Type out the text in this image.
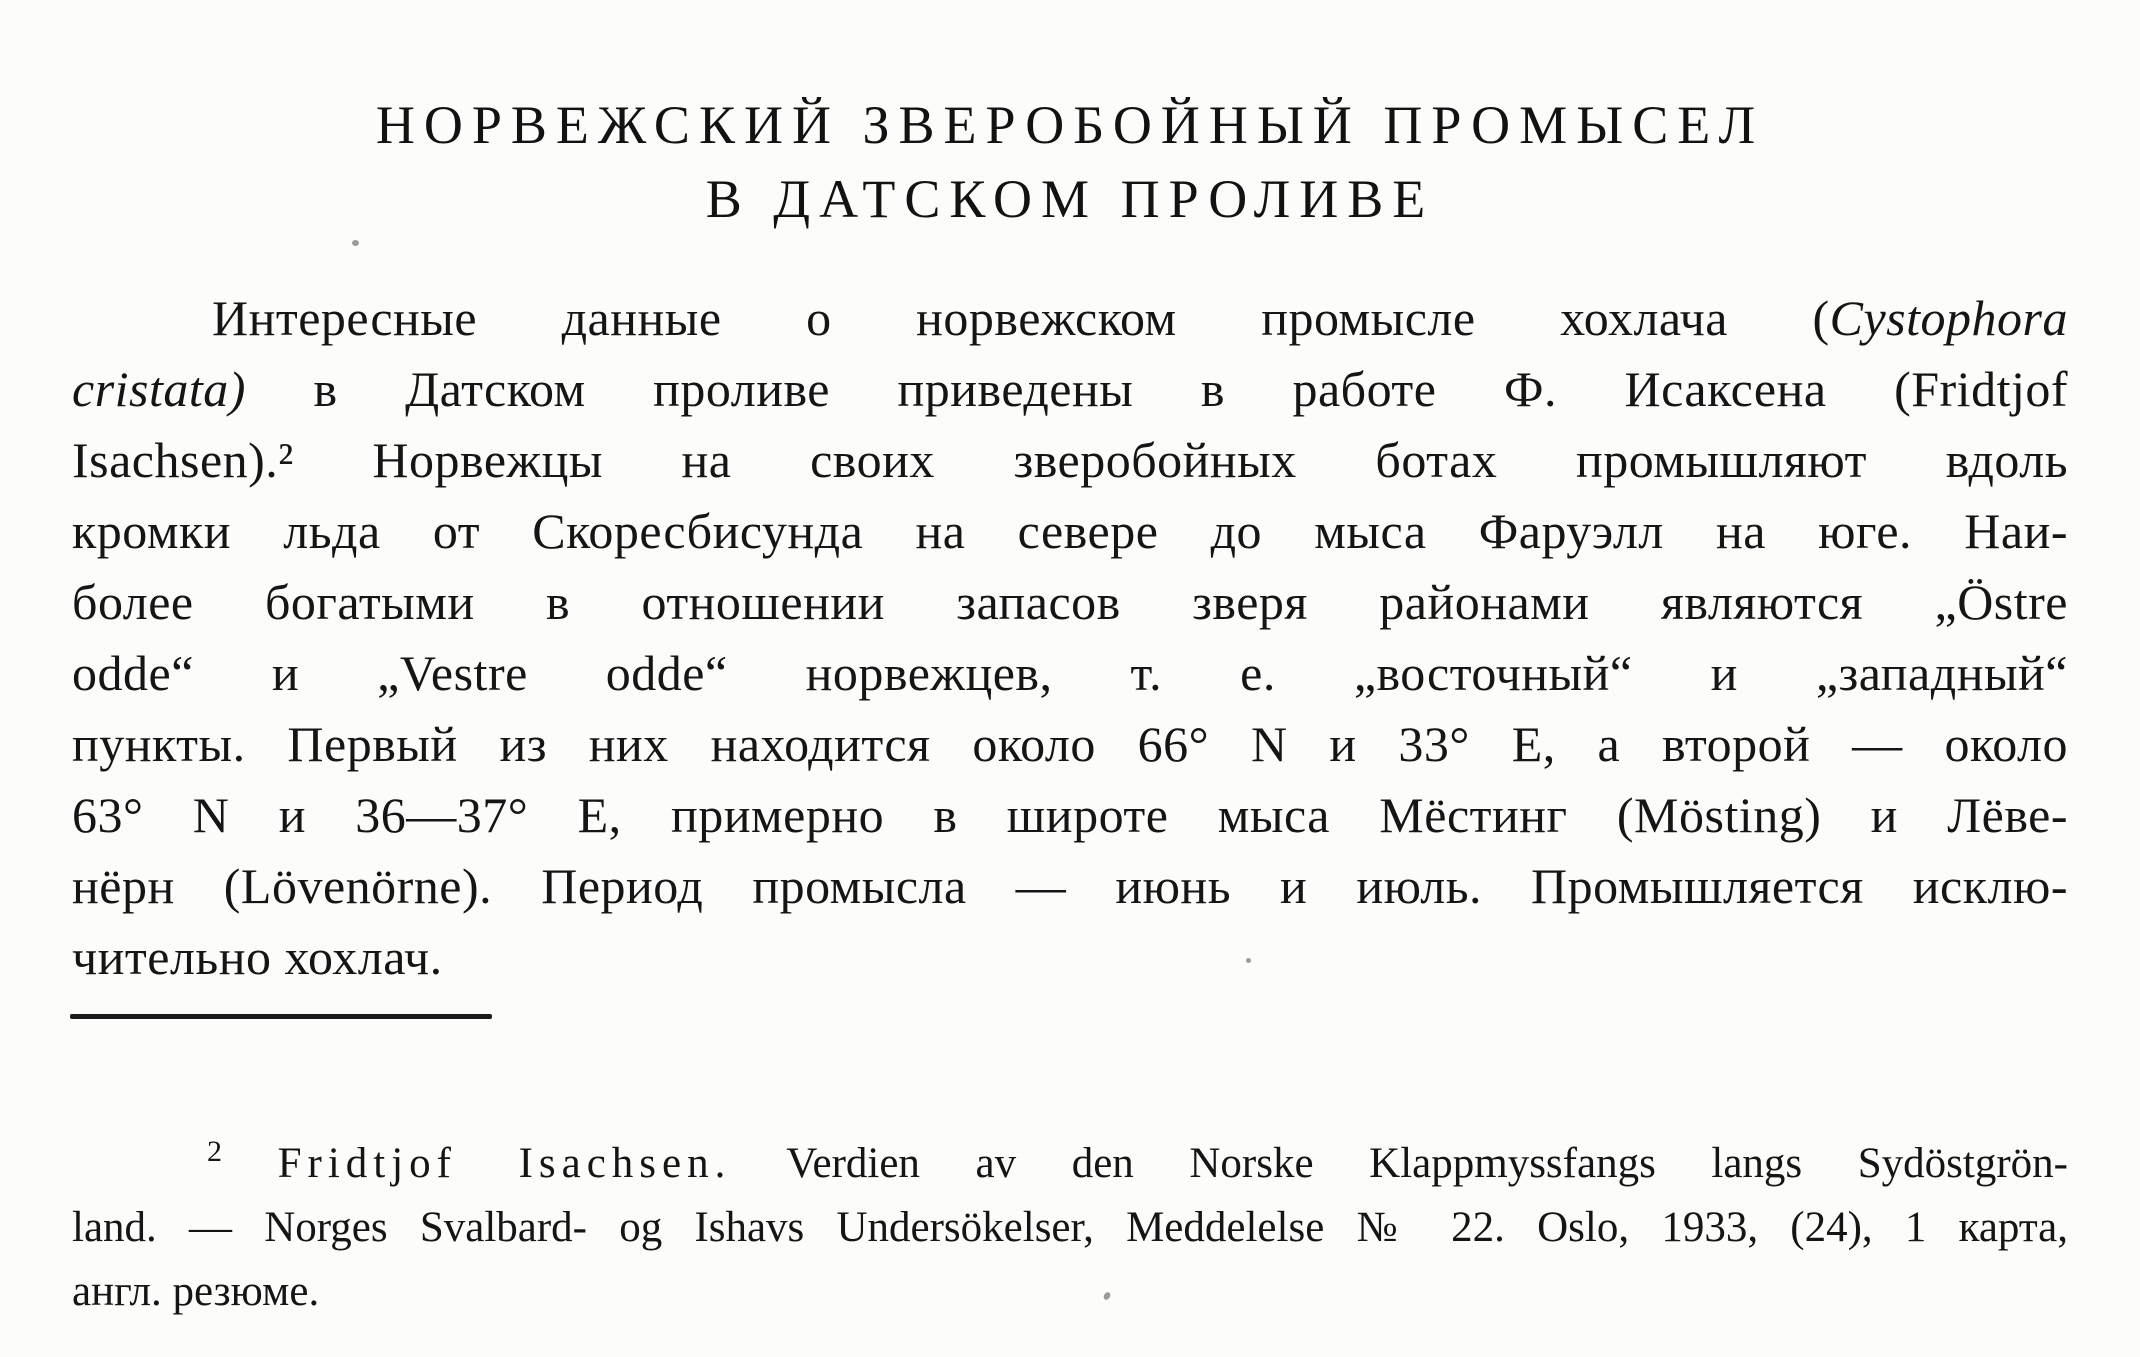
НОРВЕЖСКИЙ ЗВЕРОБОЙНЫЙ ПРОМЫСЕЛ
В ДАТСКОМ ПРОЛИВЕ
Интересные данные о норвежском промысле хохлача (Cystophora
cristata) в Датском проливе приведены в работе Ф. Исаксена (Fridtjof
Isachsen).² Норвежцы на своих зверобойных ботах промышляют вдоль
кромки льда от Скоресбисунда на севере до мыса Фаруэлл на юге. Наи-
более богатыми в отношении запасов зверя районами являются „Östre
odde“ и „Vestre odde“ норвежцев, т. е. „восточный“ и „западный“
пункты. Первый из них находится около 66° N и 33° E, а второй — около
63° N и 36—37° E, примерно в широте мыса Мёстинг (Mösting) и Лёве-
нёрн (Lövenörne). Период промысла — июнь и июль. Промышляется исклю-
чительно хохлач.
$^2$ Fridtjof Isachsen. Verdien av den Norske Klappmyssfangs langs Sydöstgrön-
land. — Norges Svalbard- og Ishavs Undersökelser, Meddelelse № 22. Oslo, 1933, (24), 1 карта,
англ. резюме.
